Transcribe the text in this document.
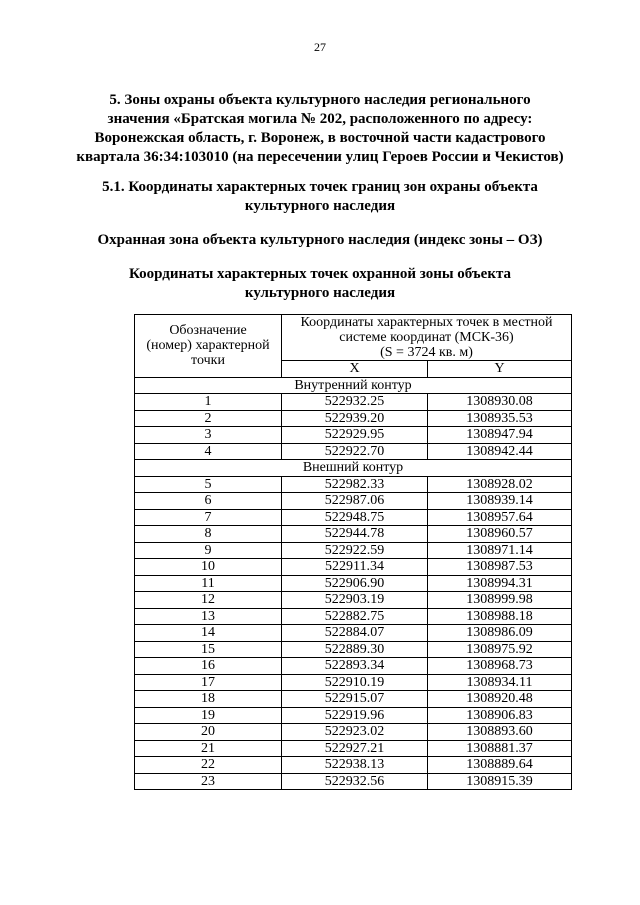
27
5. Зоны охраны объекта культурного наследия регионального
значения «Братская могила № 202, расположенного по адресу:
Воронежская область, г. Воронеж, в восточной части кадастрового
квартала 36:34:103010 (на пересечении улиц Героев России и Чекистов)
5.1. Координаты характерных точек границ зон охраны объекта
культурного наследия
Охранная зона объекта культурного наследия (индекс зоны – ОЗ)
Координаты характерных точек охранной зоны объекта
культурного наследия
Обозначение
(номер) характерной
точки	Координаты характерных точек в местной
системе координат (МСК-36)
(S = 3724 кв. м)	

	X	Y
Внутренний контур		
1	522932.25	1308930.08
2	522939.20	1308935.53
3	522929.95	1308947.94
4	522922.70	1308942.44
Внешний контур		
5	522982.33	1308928.02
6	522987.06	1308939.14
7	522948.75	1308957.64
8	522944.78	1308960.57
9	522922.59	1308971.14
10	522911.34	1308987.53
11	522906.90	1308994.31
12	522903.19	1308999.98
13	522882.75	1308988.18
14	522884.07	1308986.09
15	522889.30	1308975.92
16	522893.34	1308968.73
17	522910.19	1308934.11
18	522915.07	1308920.48
19	522919.96	1308906.83
20	522923.02	1308893.60
21	522927.21	1308881.37
22	522938.13	1308889.64
23	522932.56	1308915.39
